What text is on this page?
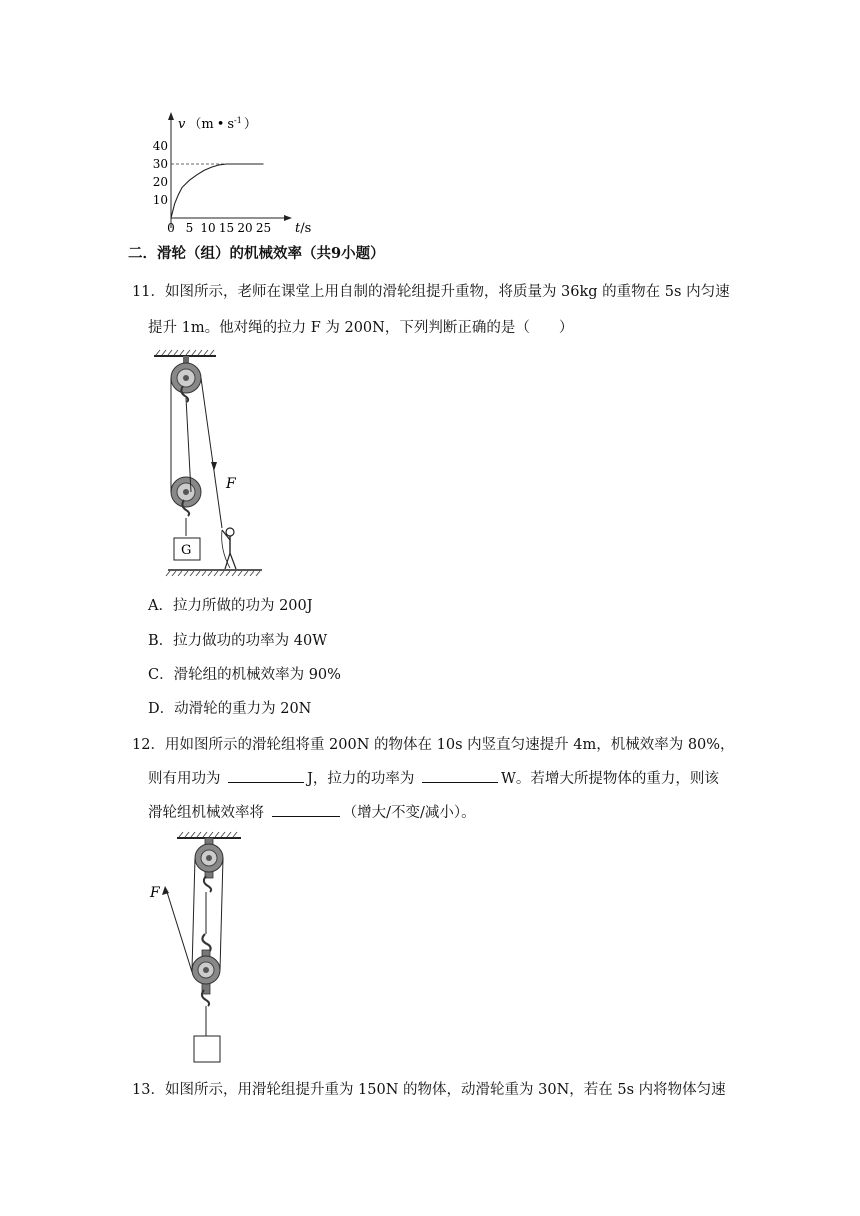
v （m • $s^{-1}$ ）
t/s
0 5 10 15 20 25
10
20
30
40
二．滑轮（组）的机械效率（共9小题）
11．如图所示，老师在课堂上用自制的滑轮组提升重物，将质量为 36kg 的重物在 5s 内匀速
提升 1m。他对绳的拉力 F 为 200N，下列判断正确的是（　　）
F
G
A．拉力所做的功为 200J
B．拉力做功的功率为 40W
C．滑轮组的机械效率为 90%
D．动滑轮的重力为 20N
12．用如图所示的滑轮组将重 200N 的物体在 10s 内竖直匀速提升 4m，机械效率为 80%，
则有用功为	J，拉力的功率为	W。若增大所提物体的重力，则该
滑轮组机械效率将	（增大/不变/减小）。
F
13．如图所示，用滑轮组提升重为 150N 的物体，动滑轮重为 30N，若在 5s 内将物体匀速
